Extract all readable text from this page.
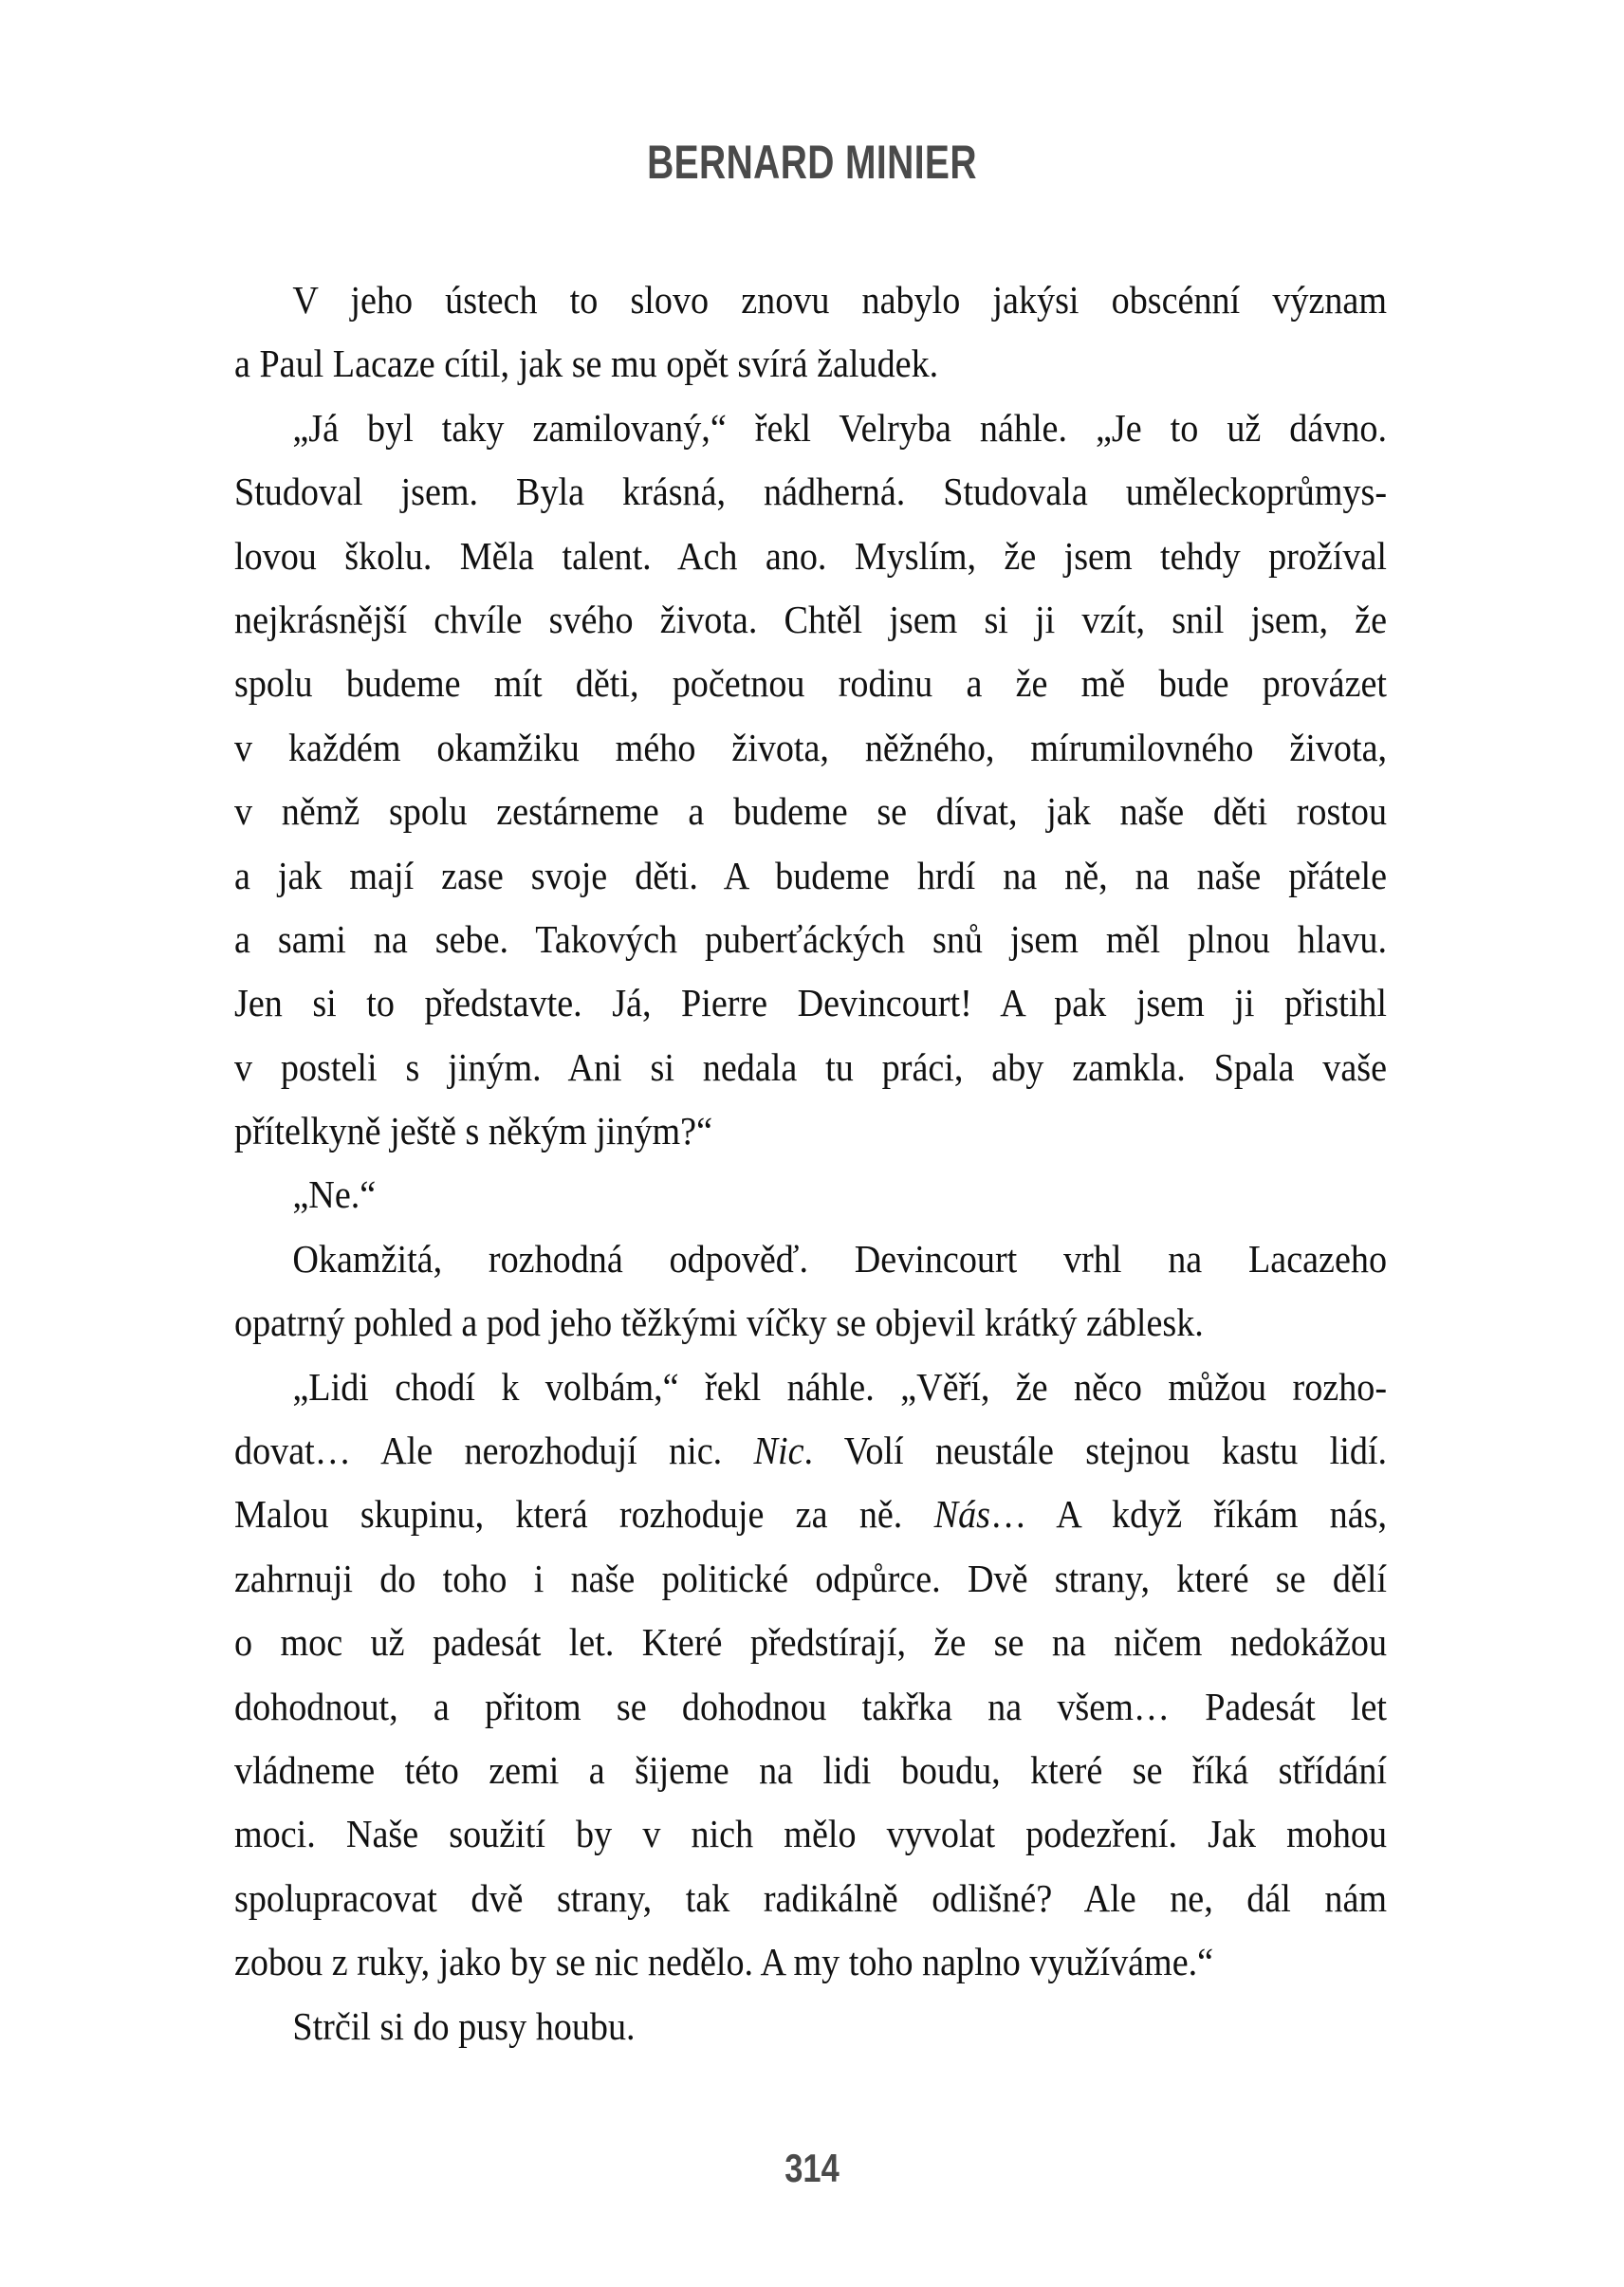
BERNARD MINIER
V jeho ústech to slovo znovu nabylo jakýsi obscénní význam
a Paul Lacaze cítil, jak se mu opět svírá žaludek.
„Já byl taky zamilovaný,“ řekl Velryba náhle. „Je to už dávno.
Studoval jsem. Byla krásná, nádherná. Studovala uměleckoprůmys-
lovou školu. Měla talent. Ach ano. Myslím, že jsem tehdy prožíval
nejkrásnější chvíle svého života. Chtěl jsem si ji vzít, snil jsem, že
spolu budeme mít děti, početnou rodinu a že mě bude provázet
v každém okamžiku mého života, něžného, mírumilovného života,
v němž spolu zestárneme a budeme se dívat, jak naše děti rostou
a jak mají zase svoje děti. A budeme hrdí na ně, na naše přátele
a sami na sebe. Takových puberťáckých snů jsem měl plnou hlavu.
Jen si to představte. Já, Pierre Devincourt! A pak jsem ji přistihl
v posteli s jiným. Ani si nedala tu práci, aby zamkla. Spala vaše
přítelkyně ještě s někým jiným?“
„Ne.“
Okamžitá, rozhodná odpověď. Devincourt vrhl na Lacazeho
opatrný pohled a pod jeho těžkými víčky se objevil krátký záblesk.
„Lidi chodí k volbám,“ řekl náhle. „Věří, že něco můžou rozho-
dovat… Ale nerozhodují nic. Nic. Volí neustále stejnou kastu lidí.
Malou skupinu, která rozhoduje za ně. Nás… A když říkám nás,
zahrnuji do toho i naše politické odpůrce. Dvě strany, které se dělí
o moc už padesát let. Které předstírají, že se na ničem nedokážou
dohodnout, a přitom se dohodnou takřka na všem… Padesát let
vládneme této zemi a šijeme na lidi boudu, které se říká střídání
moci. Naše soužití by v nich mělo vyvolat podezření. Jak mohou
spolupracovat dvě strany, tak radikálně odlišné? Ale ne, dál nám
zobou z ruky, jako by se nic nedělo. A my toho naplno využíváme.“
Strčil si do pusy houbu.
314
